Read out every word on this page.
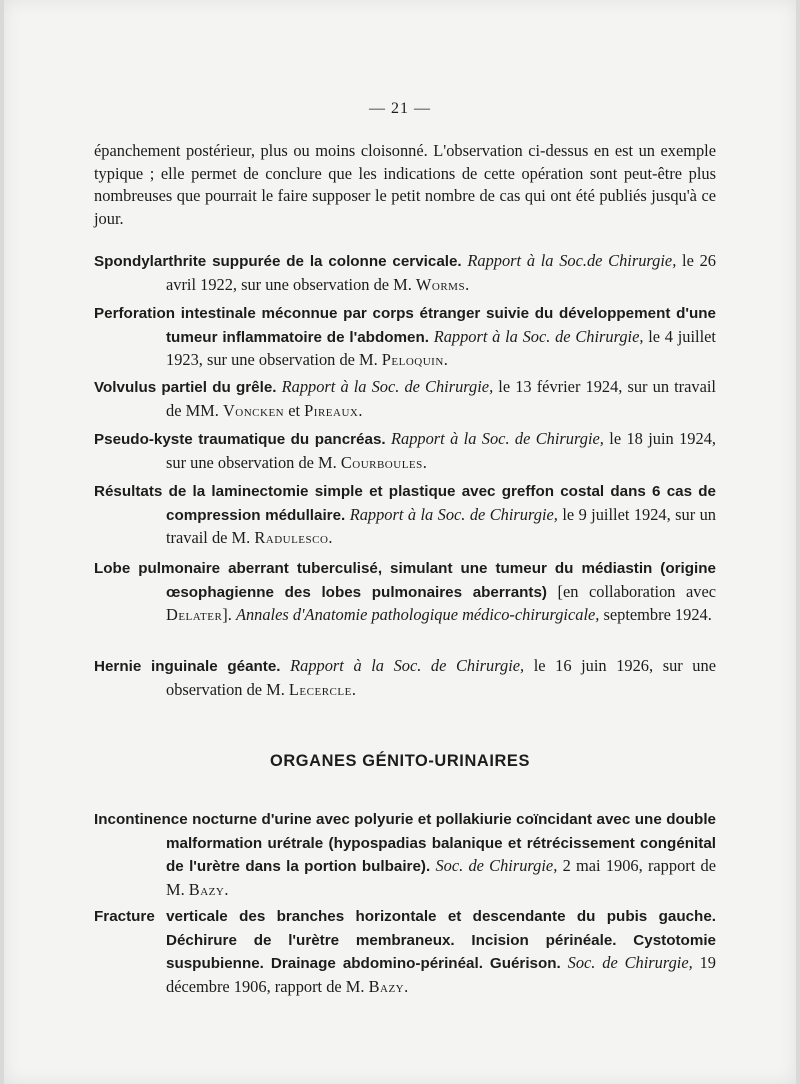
— 21 —

épanchement postérieur, plus ou moins cloisonné. L'observation ci-dessus en est un exemple typique ; elle permet de conclure que les indications de cette opération sont peut-être plus nombreuses que pourrait le faire supposer le petit nombre de cas qui ont été publiés jusqu'à ce jour.

Spondylarthrite suppurée de la colonne cervicale. Rapport à la Soc.de Chirurgie, le 26 avril 1922, sur une observation de M. Worms.

Perforation intestinale méconnue par corps étranger suivie du développement d'une tumeur inflammatoire de l'abdomen. Rapport à la Soc. de Chirurgie, le 4 juillet 1923, sur une observation de M. Peloquin.

Volvulus partiel du grêle. Rapport à la Soc. de Chirurgie, le 13 février 1924, sur un travail de MM. Voncken et Pireaux.

Pseudo-kyste traumatique du pancréas. Rapport à la Soc. de Chirurgie, le 18 juin 1924, sur une observation de M. Courboules.

Résultats de la laminectomie simple et plastique avec greffon costal dans 6 cas de compression médullaire. Rapport à la Soc. de Chirurgie, le 9 juillet 1924, sur un travail de M. Radulesco.

Lobe pulmonaire aberrant tuberculisé, simulant une tumeur du médiastin (origine œsophagienne des lobes pulmonaires aberrants) [en collaboration avec Delater]. Annales d'Anatomie pathologique médico-chirurgicale, septembre 1924.

Hernie inguinale géante. Rapport à la Soc. de Chirurgie, le 16 juin 1926, sur une observation de M. Lecercle.

ORGANES GÉNITO-URINAIRES

Incontinence nocturne d'urine avec polyurie et pollakiurie coïncidant avec une double malformation urétrale (hypospadias balanique et rétrécissement congénital de l'urètre dans la portion bulbaire). Soc. de Chirurgie, 2 mai 1906, rapport de M. Bazy.

Fracture verticale des branches horizontale et descendante du pubis gauche. Déchirure de l'urètre membraneux. Incision périnéale. Cystotomie suspubienne. Drainage abdomino-périnéal. Guérison. Soc. de Chirurgie, 19 décembre 1906, rapport de M. Bazy.
